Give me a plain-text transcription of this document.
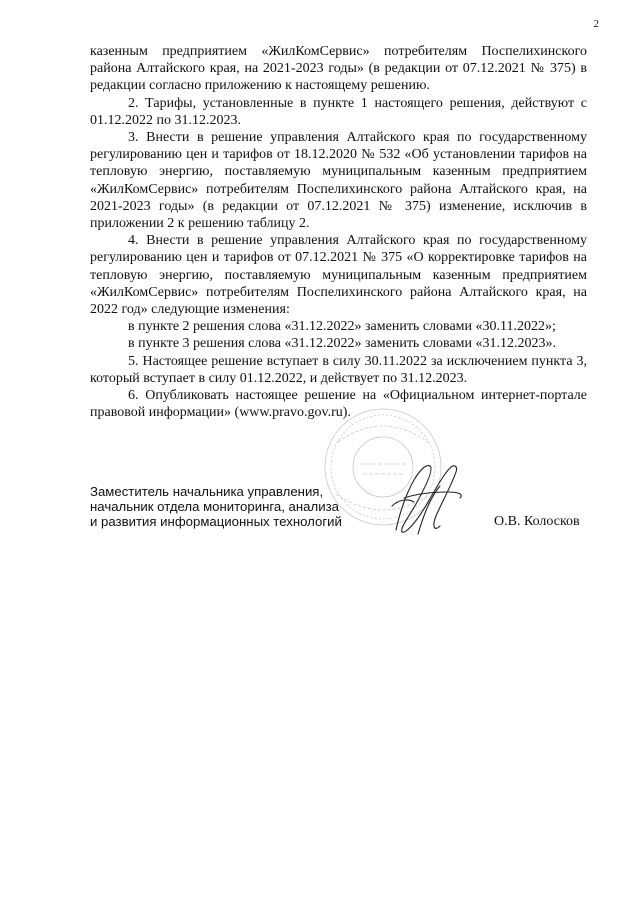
2

казенным предприятием «ЖилКомСервис» потребителям Поспелихинского района Алтайского края, на 2021-2023 годы» (в редакции от 07.12.2021 № 375) в редакции согласно приложению к настоящему решению.

2. Тарифы, установленные в пункте 1 настоящего решения, действуют с 01.12.2022 по 31.12.2023.

3. Внести в решение управления Алтайского края по государственному регулированию цен и тарифов от 18.12.2020 № 532 «Об установлении тарифов на тепловую энергию, поставляемую муниципальным казенным предприятием «ЖилКомСервис» потребителям Поспелихинского района Алтайского края, на 2021-2023 годы» (в редакции от 07.12.2021 № 375) изменение, исключив в приложении 2 к решению таблицу 2.

4. Внести в решение управления Алтайского края по государственному регулированию цен и тарифов от 07.12.2021 № 375 «О корректировке тарифов на тепловую энергию, поставляемую муниципальным казенным предприятием «ЖилКомСервис» потребителям Поспелихинского района Алтайского края, на 2022 год» следующие изменения:

в пункте 2 решения слова «31.12.2022» заменить словами «30.11.2022»;

в пункте 3 решения слова «31.12.2022» заменить словами «31.12.2023».

5. Настоящее решение вступает в силу 30.11.2022 за исключением пункта 3, который вступает в силу 01.12.2022, и действует по 31.12.2023.

6. Опубликовать настоящее решение на «Официальном интернет-портале правовой информации» (www.pravo.gov.ru).

Заместитель начальника управления,
начальник отдела мониторинга, анализа
и развития информационных технологий	О.В. Колосков
